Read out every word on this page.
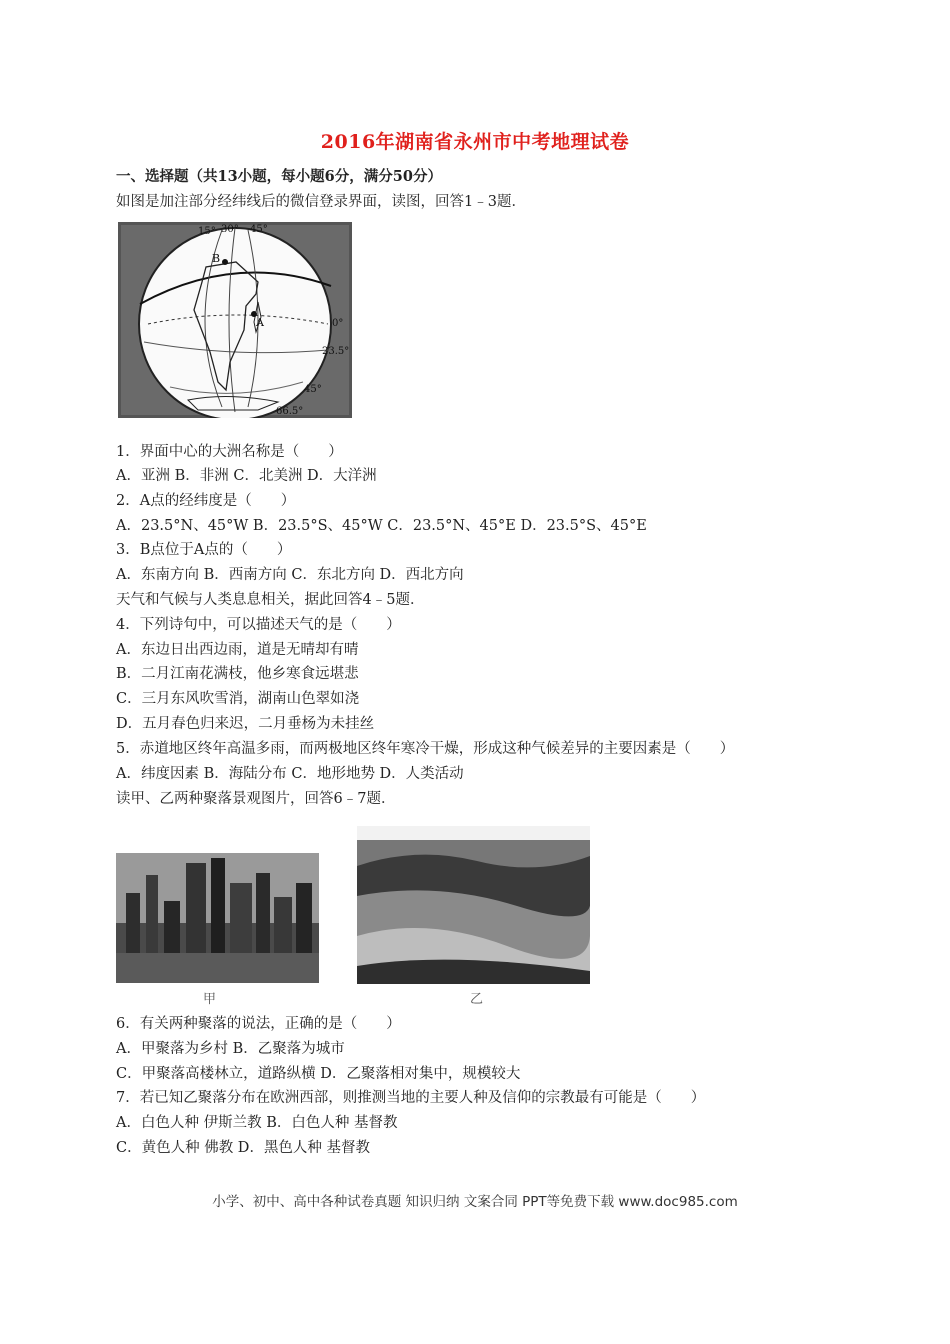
2016年湖南省永州市中考地理试卷
一、选择题（共13小题，每小题6分，满分50分）
如图是加注部分经纬线后的微信登录界面，读图，回答1﹣3题．
15° 30° 45°
B
A	0°
23.5°
45°
66.5°
1．界面中心的大洲名称是（　　）
A．亚洲 B．非洲 C．北美洲 D．大洋洲
2．A点的经纬度是（　　）
A．23.5°N、45°W B．23.5°S、45°W C．23.5°N、45°E D．23.5°S、45°E
3．B点位于A点的（　　）
A．东南方向 B．西南方向 C．东北方向 D．西北方向
天气和气候与人类息息相关，据此回答4﹣5题．
4．下列诗句中，可以描述天气的是（　　）
A．东边日出西边雨，道是无晴却有晴
B．二月江南花满枝，他乡寒食远堪悲
C．三月东风吹雪消，湖南山色翠如浇
D．五月春色归来迟，二月垂杨为未挂丝
5．赤道地区终年高温多雨，而两极地区终年寒冷干燥，形成这种气候差异的主要因素是（　　）
A．纬度因素 B．海陆分布 C．地形地势 D．人类活动
读甲、乙两种聚落景观图片，回答6﹣7题．
甲	乙
6．有关两种聚落的说法，正确的是（　　）
A．甲聚落为乡村 B．乙聚落为城市
C．甲聚落高楼林立，道路纵横 D．乙聚落相对集中，规模较大
7．若已知乙聚落分布在欧洲西部，则推测当地的主要人种及信仰的宗教最有可能是（　　）
A．白色人种 伊斯兰教 B．白色人种 基督教
C．黄色人种 佛教 D．黑色人种 基督教
小学、初中、高中各种试卷真题 知识归纳 文案合同 PPT等免费下载 www.doc985.com
